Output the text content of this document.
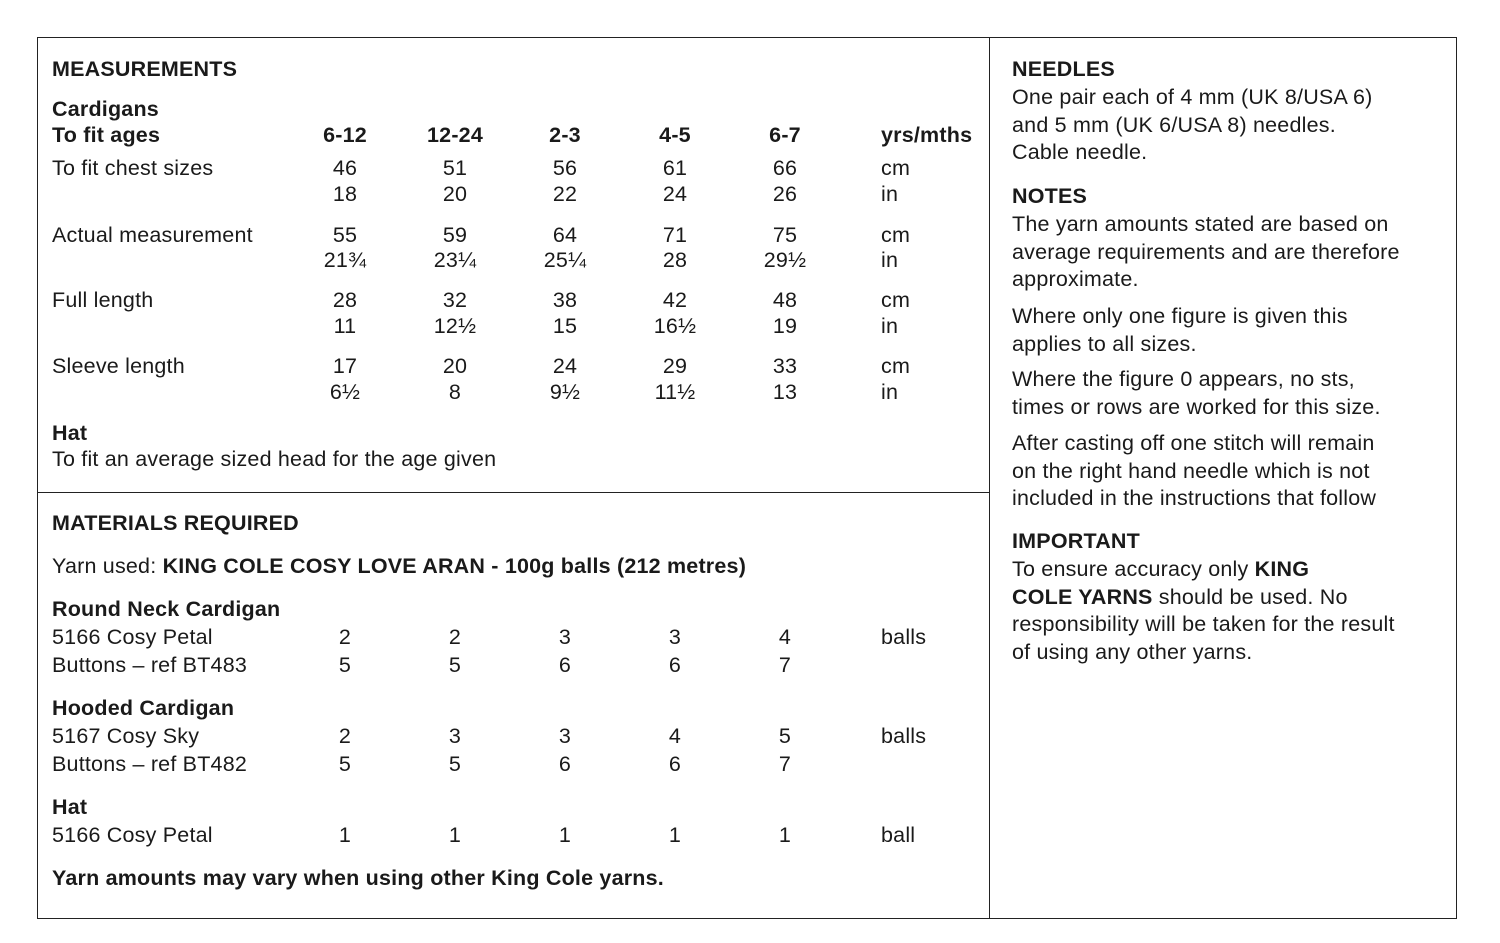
MEASUREMENTS
Cardigans
To fit ages	6-12	12-24	2-3	4-5	6-7	yrs/mths
To fit chest sizes	46	51	56	61	66	cm
18	20	22	24	26	in
Actual measurement	55	59	64	71	75	cm
21¾	23¼	25¼	28	29½	in
Full length	28	32	38	42	48	cm
11	12½	15	16½	19	in
Sleeve length	17	20	24	29	33	cm
6½	8	9½	11½	13	in
Hat
To fit an average sized head for the age given
MATERIALS REQUIRED
Yarn used: KING COLE COSY LOVE ARAN - 100g balls (212 metres)
Round Neck Cardigan
5166 Cosy Petal	2	2	3	3	4	balls
Buttons – ref BT483	5	5	6	6	7
Hooded Cardigan
5167 Cosy Sky	2	3	3	4	5	balls
Buttons – ref BT482	5	5	6	6	7
Hat
5166 Cosy Petal	1	1	1	1	1	ball
Yarn amounts may vary when using other King Cole yarns.
NEEDLES
One pair each of 4 mm (UK 8/USA 6)
and 5 mm (UK 6/USA 8) needles.
Cable needle.
NOTES
The yarn amounts stated are based on
average requirements and are therefore
approximate.
Where only one figure is given this
applies to all sizes.
Where the figure 0 appears, no sts,
times or rows are worked for this size.
After casting off one stitch will remain
on the right hand needle which is not
included in the instructions that follow
IMPORTANT
To ensure accuracy only KING
COLE YARNS should be used. No
responsibility will be taken for the result
of using any other yarns.
